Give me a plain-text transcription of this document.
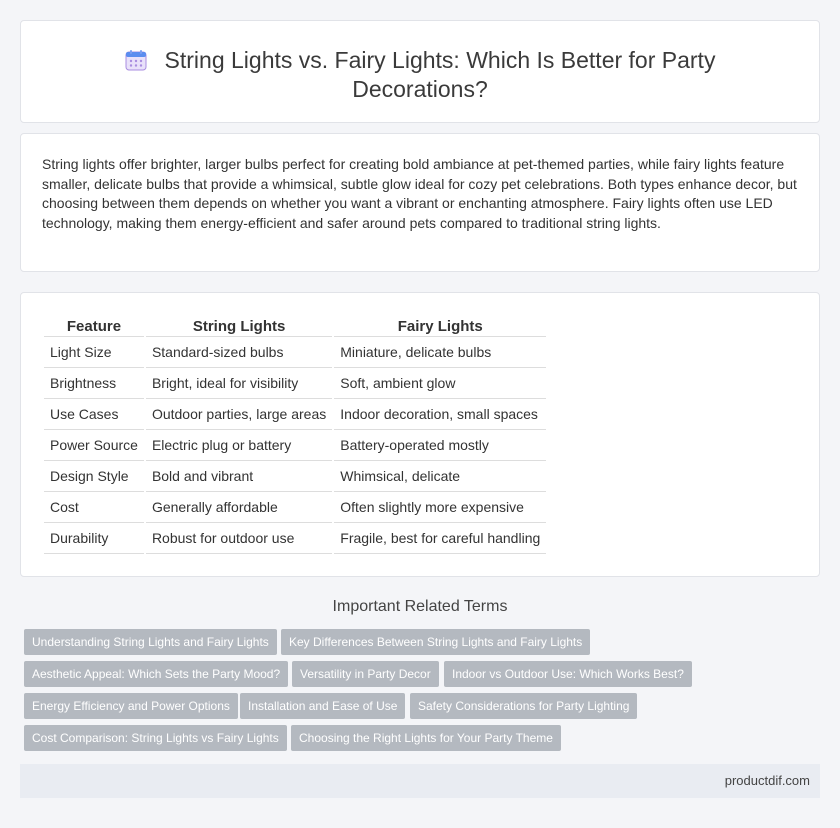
String Lights vs. Fairy Lights: Which Is Better for Party
Decorations?

String lights offer brighter, larger bulbs perfect for creating bold ambiance at pet-themed parties, while fairy lights feature smaller, delicate bulbs that provide a whimsical, subtle glow ideal for cozy pet celebrations. Both types enhance decor, but choosing between them depends on whether you want a vibrant or enchanting atmosphere. Fairy lights often use LED technology, making them energy-efficient and safer around pets compared to traditional string lights.

Feature	String Lights	Fairy Lights
Light Size	Standard-sized bulbs	Miniature, delicate bulbs
Brightness	Bright, ideal for visibility	Soft, ambient glow
Use Cases	Outdoor parties, large areas	Indoor decoration, small spaces
Power Source	Electric plug or battery	Battery-operated mostly
Design Style	Bold and vibrant	Whimsical, delicate
Cost	Generally affordable	Often slightly more expensive
Durability	Robust for outdoor use	Fragile, best for careful handling
Important Related Terms
Understanding String Lights and Fairy Lights	Key Differences Between String Lights and Fairy Lights
Aesthetic Appeal: Which Sets the Party Mood?	Versatility in Party Decor	Indoor vs Outdoor Use: Which Works Best?
Energy Efficiency and Power Options	Installation and Ease of Use	Safety Considerations for Party Lighting
Cost Comparison: String Lights vs Fairy Lights	Choosing the Right Lights for Your Party Theme
productdif.com
